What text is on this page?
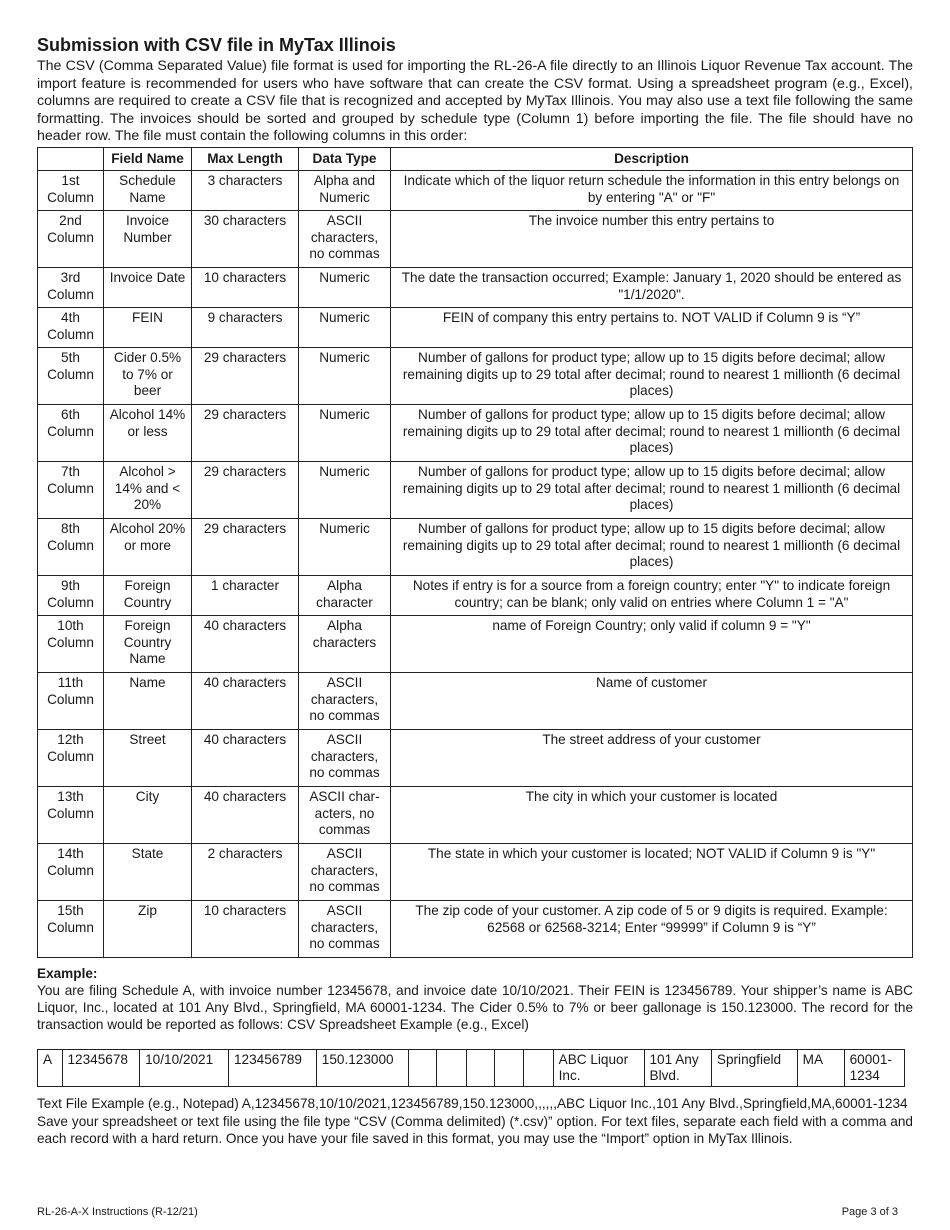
Submission with CSV file in MyTax Illinois

The CSV (Comma Separated Value) file format is used for importing the RL-26-A file directly to an Illinois Liquor Revenue Tax account. The import feature is recommended for users who have software that can create the CSV format. Using a spreadsheet program (e.g., Excel), columns are required to create a CSV file that is recognized and accepted by MyTax Illinois. You may also use a text file following the same formatting. The invoices should be sorted and grouped by schedule type (Column 1) before importing the file. The file should have no header row. The file must contain the following columns in this order:

	Field Name	Max Length	Data Type	Description
1st Column	Schedule Name	3 characters	Alpha and Numeric	Indicate which of the liquor return schedule the information in this entry belongs on by entering "A" or "F"
2nd Column	Invoice Number	30 characters	ASCII characters, no commas	The invoice number this entry pertains to
3rd Column	Invoice Date	10 characters	Numeric	The date the transaction occurred; Example: January 1, 2020 should be entered as "1/1/2020".
4th Column	FEIN	9 characters	Numeric	FEIN of company this entry pertains to. NOT VALID if Column 9 is “Y”
5th Column	Cider 0.5% to 7% or beer	29 characters	Numeric	Number of gallons for product type; allow up to 15 digits before decimal; allow remaining digits up to 29 total after decimal; round to nearest 1 millionth (6 decimal places)
6th Column	Alcohol 14% or less	29 characters	Numeric	Number of gallons for product type; allow up to 15 digits before decimal; allow remaining digits up to 29 total after decimal; round to nearest 1 millionth (6 decimal places)
7th Column	Alcohol > 14% and < 20%	29 characters	Numeric	Number of gallons for product type; allow up to 15 digits before decimal; allow remaining digits up to 29 total after decimal; round to nearest 1 millionth (6 decimal places)
8th Column	Alcohol 20% or more	29 characters	Numeric	Number of gallons for product type; allow up to 15 digits before decimal; allow remaining digits up to 29 total after decimal; round to nearest 1 millionth (6 decimal places)
9th Column	Foreign Country	1 character	Alpha character	Notes if entry is for a source from a foreign country; enter "Y" to indicate foreign country; can be blank; only valid on entries where Column 1 = "A"
10th Column	Foreign Country Name	40 characters	Alpha characters	name of Foreign Country; only valid if column 9 = "Y"
11th Column	Name	40 characters	ASCII characters, no commas	Name of customer
12th Column	Street	40 characters	ASCII characters, no commas	The street address of your customer
13th Column	City	40 characters	ASCII char-acters, no commas	The city in which your customer is located
14th Column	State	2 characters	ASCII characters, no commas	The state in which your customer is located; NOT VALID if Column 9 is "Y"
15th Column	Zip	10 characters	ASCII characters, no commas	The zip code of your customer. A zip code of 5 or 9 digits is required. Example: 62568 or 62568-3214; Enter “99999” if Column 9 is “Y”
Example:

You are filing Schedule A, with invoice number 12345678, and invoice date 10/10/2021. Their FEIN is 123456789. Your shipper’s name is ABC Liquor, Inc., located at 101 Any Blvd., Springfield, MA 60001-1234. The Cider 0.5% to 7% or beer gallonage is 150.123000. The record for the transaction would be reported as follows: CSV Spreadsheet Example (e.g., Excel)

A	12345678	10/10/2021	123456789	150.123000						ABC Liquor Inc.	101 Any Blvd.	Springfield	MA	60001-1234
Text File Example (e.g., Notepad) A,12345678,10/10/2021,123456789,150.123000,,,,,,ABC Liquor Inc.,101 Any Blvd.,Springfield,MA,60001-1234
Save your spreadsheet or text file using the file type “CSV (Comma delimited) (*.csv)” option. For text files, separate each field with a comma and each record with a hard return. Once you have your file saved in this format, you may use the “Import” option in MyTax Illinois.
RL-26-A-X Instructions (R-12/21)	Page 3 of 3
